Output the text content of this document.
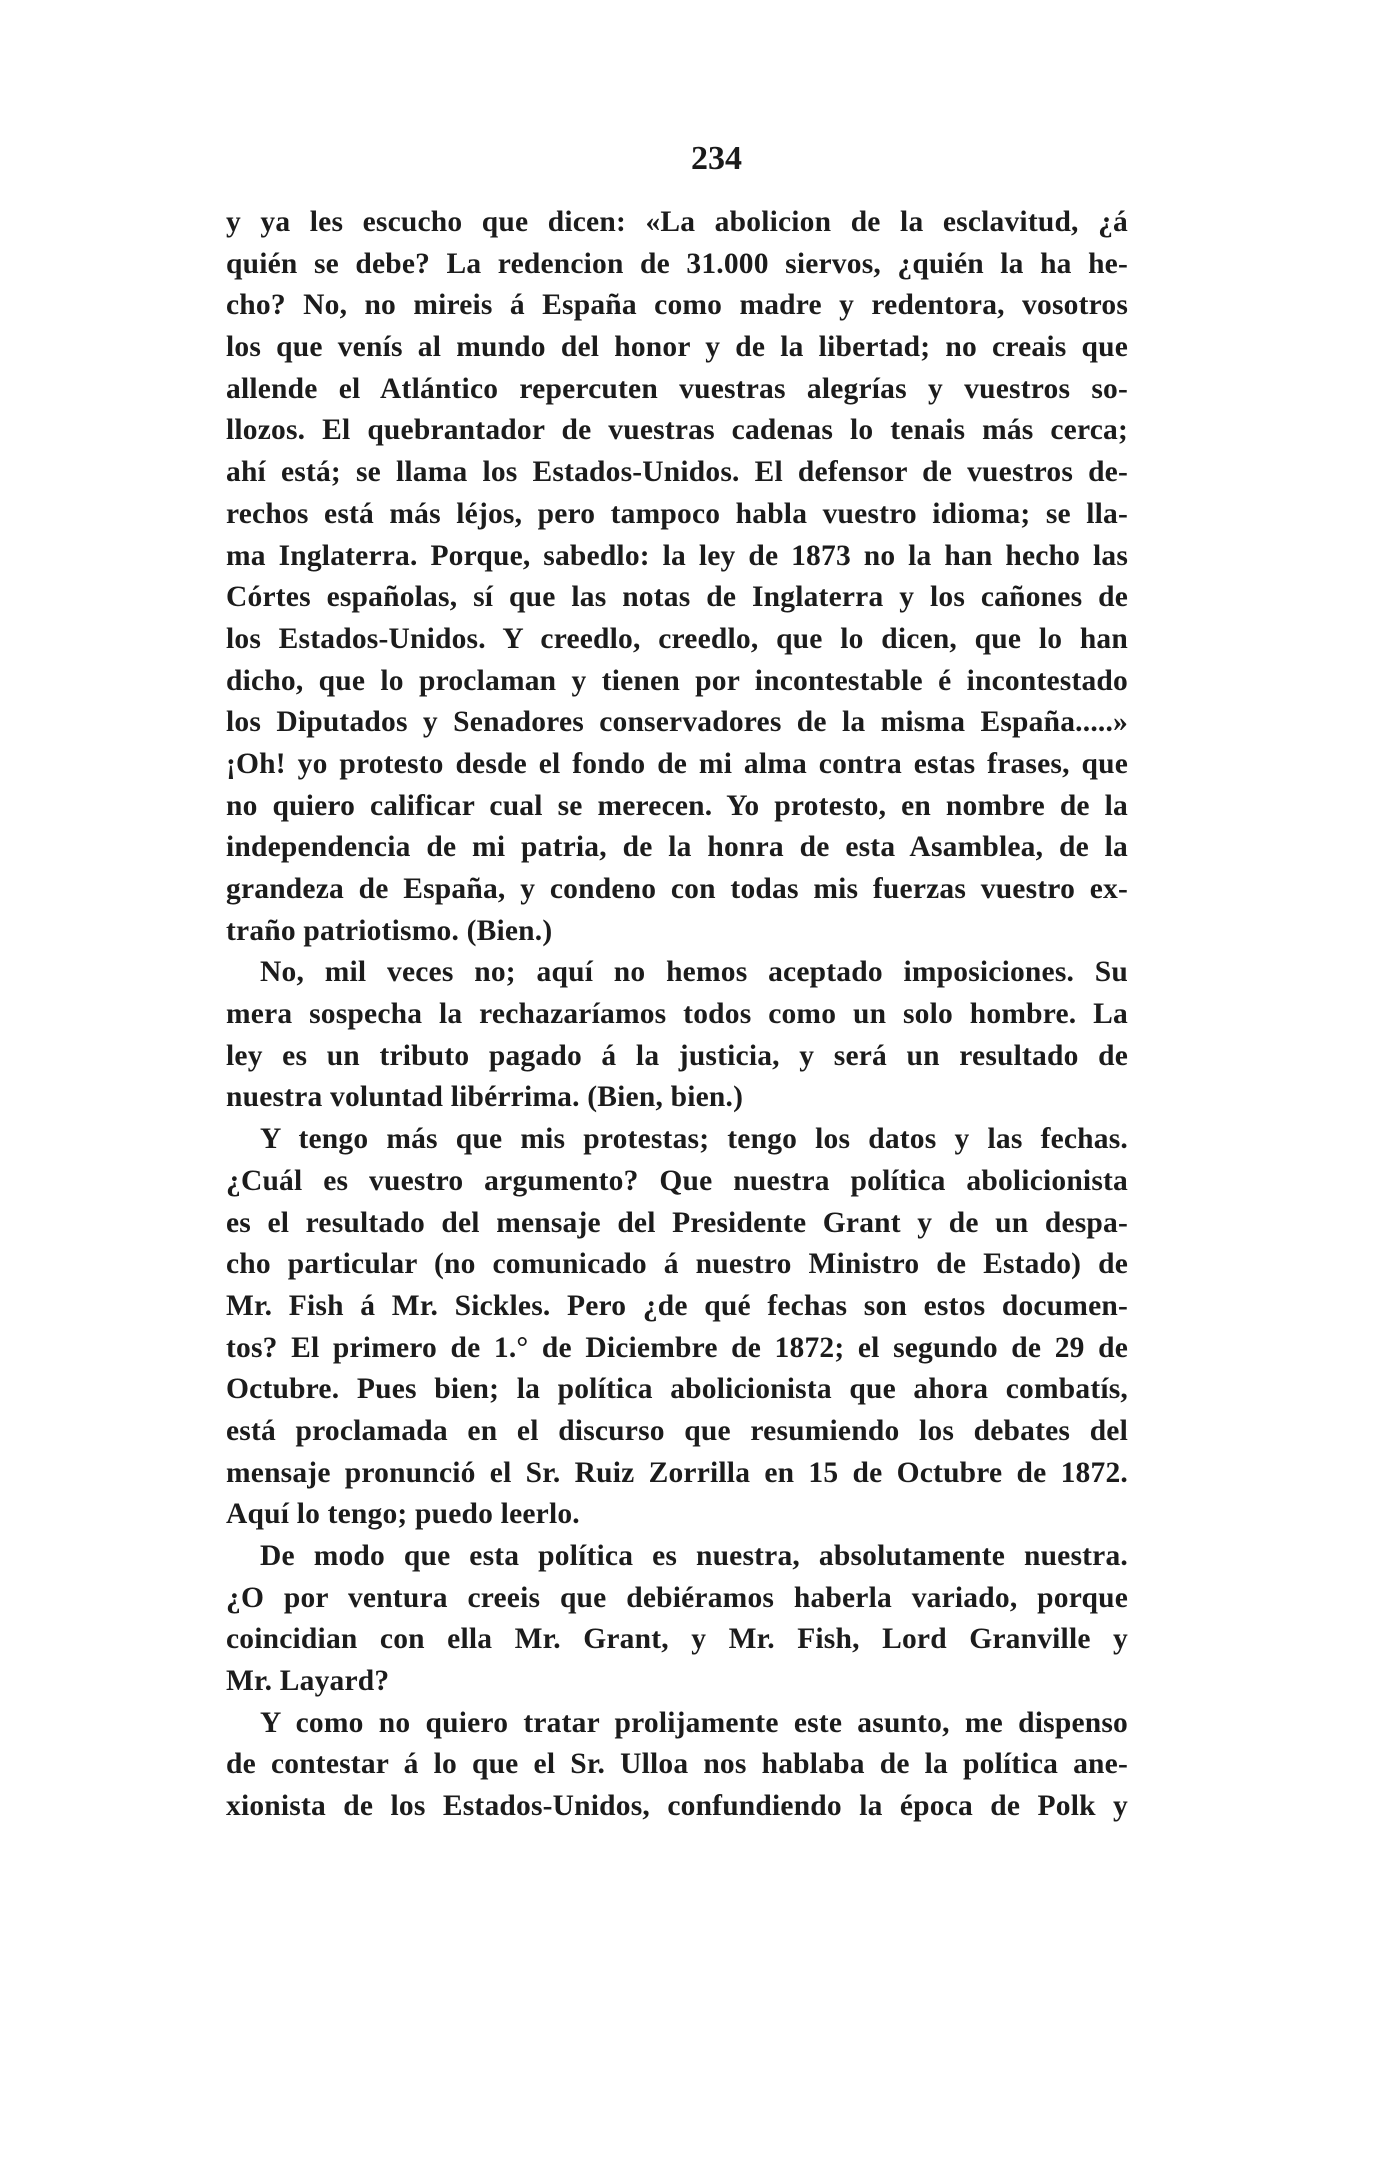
234
y ya les escucho que dicen: «La abolicion de la esclavitud, ¿á
quién se debe? La redencion de 31.000 siervos, ¿quién la ha he-
cho? No, no mireis á España como madre y redentora, vosotros
los que venís al mundo del honor y de la libertad; no creais que
allende el Atlántico repercuten vuestras alegrías y vuestros so-
llozos. El quebrantador de vuestras cadenas lo tenais más cerca;
ahí está; se llama los Estados-Unidos. El defensor de vuestros de-
rechos está más léjos, pero tampoco habla vuestro idioma; se lla-
ma Inglaterra. Porque, sabedlo: la ley de 1873 no la han hecho las
Córtes españolas, sí que las notas de Inglaterra y los cañones de
los Estados-Unidos. Y creedlo, creedlo, que lo dicen, que lo han
dicho, que lo proclaman y tienen por incontestable é incontestado
los Diputados y Senadores conservadores de la misma España.....»
¡Oh! yo protesto desde el fondo de mi alma contra estas frases, que
no quiero calificar cual se merecen. Yo protesto, en nombre de la
independencia de mi patria, de la honra de esta Asamblea, de la
grandeza de España, y condeno con todas mis fuerzas vuestro ex-
traño patriotismo. (Bien.)
No, mil veces no; aquí no hemos aceptado imposiciones. Su
mera sospecha la rechazaríamos todos como un solo hombre. La
ley es un tributo pagado á la justicia, y será un resultado de
nuestra voluntad libérrima. (Bien, bien.)
Y tengo más que mis protestas; tengo los datos y las fechas.
¿Cuál es vuestro argumento? Que nuestra política abolicionista
es el resultado del mensaje del Presidente Grant y de un despa-
cho particular (no comunicado á nuestro Ministro de Estado) de
Mr. Fish á Mr. Sickles. Pero ¿de qué fechas son estos documen-
tos? El primero de 1.° de Diciembre de 1872; el segundo de 29 de
Octubre. Pues bien; la política abolicionista que ahora combatís,
está proclamada en el discurso que resumiendo los debates del
mensaje pronunció el Sr. Ruiz Zorrilla en 15 de Octubre de 1872.
Aquí lo tengo; puedo leerlo.
De modo que esta política es nuestra, absolutamente nuestra.
¿O por ventura creeis que debiéramos haberla variado, porque
coincidian con ella Mr. Grant, y Mr. Fish, Lord Granville y
Mr. Layard?
Y como no quiero tratar prolijamente este asunto, me dispenso
de contestar á lo que el Sr. Ulloa nos hablaba de la política ane-
xionista de los Estados-Unidos, confundiendo la época de Polk y
